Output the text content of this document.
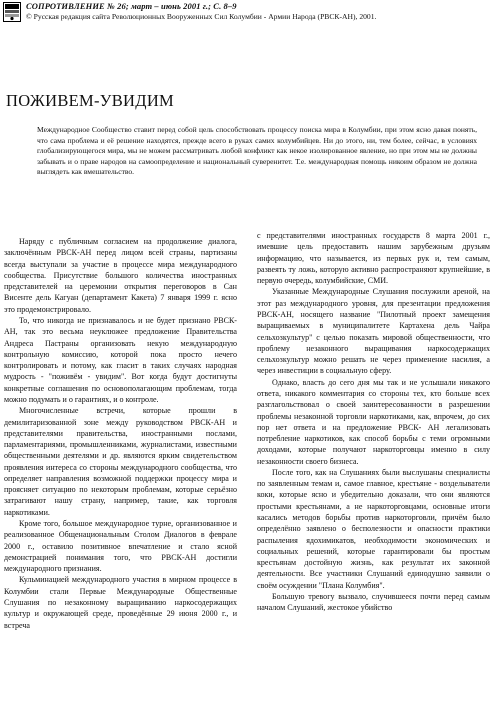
СОПРОТИВЛЕНИЕ № 26; март – июнь 2001 г.; С. 8–9
© Русская редакция сайта Революционных Вооруженных Сил Колумбии - Армии Народа (РВСК-АН), 2001.
ПОЖИВЕМ-УВИДИМ

Международное Сообщество ставит перед собой цель способствовать процессу поиска мира в Колумбии, при этом ясно давая понять, что сама проблема и её решение находятся, прежде всего в руках самих колумбийцев. Ни до этого, ни, тем более, сейчас, в условиях глобализирующегося мира, мы не можем рассматривать любой конфликт как некое изолированное явление, но при этом мы не должны забывать и о праве народов на самоопределение и национальный суверенитет. Т.е. международная помощь никоим образом не должна выглядеть как вмешательство.

Наряду с публичным согласием на продолжение диалога, заключённым РВСК-АН перед лицом всей страны, партизаны всегда выступали за участие в процессе мира международного сообщества. Присутствие большого количества иностранных представителей на церемонии открытия переговоров в Сан Висенте дель Кагуан (департамент Какета) 7 января 1999 г. ясно это продемонстрировало.

То, что никогда не признавалось и не будет признано РВСК-АН, так это весьма неуклюжее предложение Правительства Андреса Пастраны организовать некую международную контрольную комиссию, которой пока просто нечего контролировать и потому, как гласит в таких случаях народная мудрость - "поживём - увидим". Вот когда будут достигнуты конкретные соглашения по основополагающим проблемам, тогда можно подумать и о гарантиях, и о контроле.

Многочисленные встречи, которые прошли в демилитаризованной зоне между руководством РВСК-АН и представителями правительства, иностранными послами, парламентариями, промышленниками, журналистами, известными общественными деятелями и др. являются ярким свидетельством проявления интереса со стороны международного сообщества, что определяет направления возможной поддержки процессу мира и проясняет ситуацию по некоторым проблемам, которые серьёзно затрагивают нашу страну, например, такие, как торговля наркотиками.

Кроме того, большое международное турне, организованное и реализованное Общенациональным Столом Диалогов в феврале 2000 г., оставило позитивное впечатление и стало ясной демонстрацией понимания того, что РВСК-АН достигли международного признания.

Кульминацией международного участия в мирном процессе в Колумбии стали Первые Международные Общественные Слушания по незаконному выращиванию наркосодержащих культур и окружающей среде, проведённые 29 июня 2000 г., и встреча

с представителями иностранных государств 8 марта 2001 г., имевшие цель предоставить нашим зарубежным друзьям информацию, что называется, из первых рук и, тем самым, развеять ту ложь, которую активно распространяют крупнейшие, в первую очередь, колумбийские, СМИ.

Указанные Международные Слушания послужили ареной, на этот раз международного уровня, для презентации предложения РВСК-АН, носящего название "Пилотный проект замещения выращиваемых в муниципалитете Картахена дель Чайра сельхозкультур" с целью показать мировой общественности, что проблему незаконного выращивания наркосодержащих сельхозкультур можно решать не через применение насилия, а через инвестиции в социальную сферу.

Однако, власть до сего дня мы так и не услышали никакого ответа, никакого комментария со стороны тех, кто больше всех разглагольствовал о своей заинтересованности в разрешении проблемы незаконной торговли наркотиками, как, впрочем, до сих пор нет ответа и на предложение РВСК- АН легализовать потребление наркотиков, как способ борьбы с теми огромными доходами, которые получают наркоторговцы именно в силу незаконности своего бизнеса.

После того, как на Слушаниях были выслушаны специалисты по заявленным темам и, самое главное, крестьяне - возделыватели коки, которые ясно и убедительно доказали, что они являются простыми крестьянами, а не наркоторговцами, основные итоги касались методов борьбы против наркоторговли, причём было определённо заявлено о бесполезности и опасности практики распыления ядохимикатов, необходимости экономических и социальных решений, которые гарантировали бы простым крестьянам достойную жизнь, как результат их законной деятельности. Все участники Слушаний единодушно заявили о своём осуждении "Плана Колумбия".

Большую тревогу вызвало, случившееся почти перед самым началом Слушаний, жестокое убийство
